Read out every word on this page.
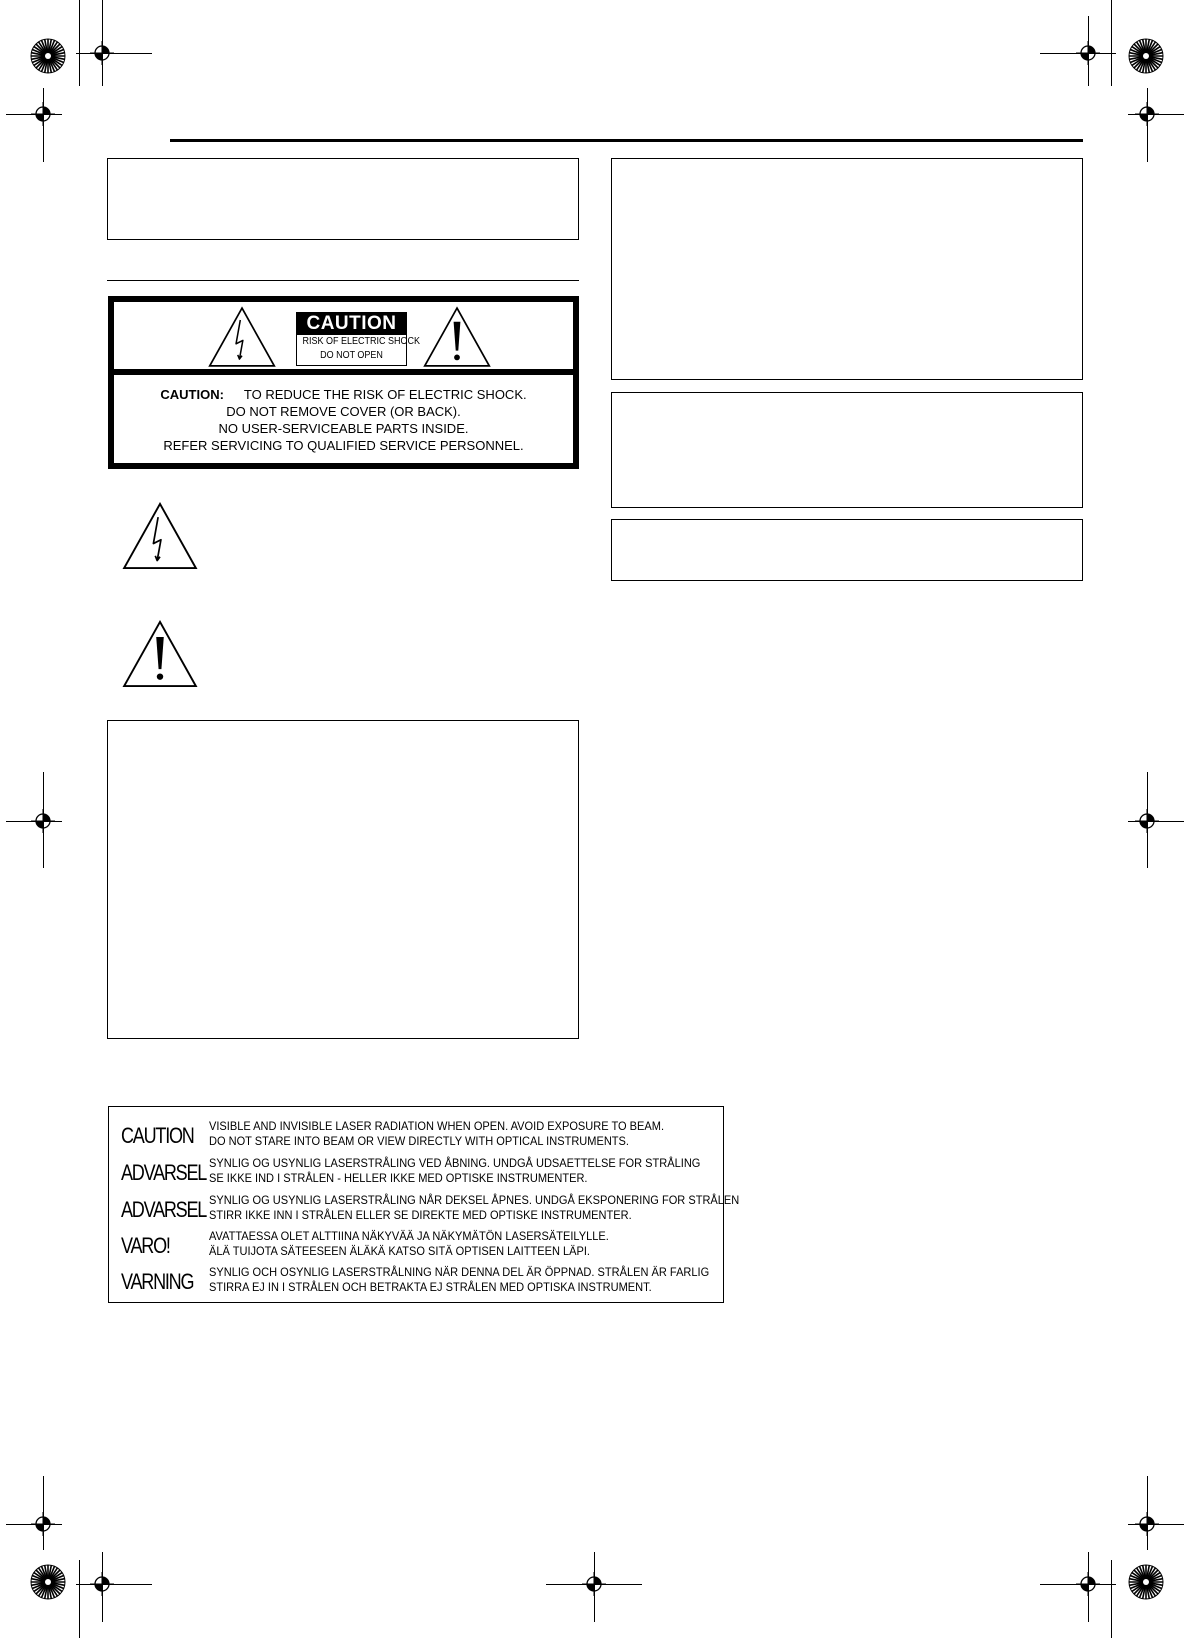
CAUTION
RISK OF ELECTRIC SHOCK
DO NOT OPEN
CAUTION: TO REDUCE THE RISK OF ELECTRIC SHOCK.
DO NOT REMOVE COVER (OR BACK).
NO USER-SERVICEABLE PARTS INSIDE.
REFER SERVICING TO QUALIFIED SERVICE PERSONNEL.
CAUTION VISIBLE AND INVISIBLE LASER RADIATION WHEN OPEN. AVOID EXPOSURE TO BEAM.
DO NOT STARE INTO BEAM OR VIEW DIRECTLY WITH OPTICAL INSTRUMENTS.
ADVARSEL SYNLIG OG USYNLIG LASERSTRÅLING VED ÅBNING. UNDGÅ UDSAETTELSE FOR STRÅLING
SE IKKE IND I STRÅLEN - HELLER IKKE MED OPTISKE INSTRUMENTER.
ADVARSEL SYNLIG OG USYNLIG LASERSTRÅLING NÅR DEKSEL ÅPNES. UNDGÅ EKSPONERING FOR STRÅLEN
STIRR IKKE INN I STRÅLEN ELLER SE DIREKTE MED OPTISKE INSTRUMENTER.
VARO!	AVATTAESSA OLET ALTTIINA NÄKYVÄÄ JA NÄKYMÄTÖN LASERSÄTEILYLLE.
ÄLÄ TUIJOTA SÄTEESEEN ÄLÄKÄ KATSO SITÄ OPTISEN LAITTEEN LÄPI.
VARNING SYNLIG OCH OSYNLIG LASERSTRÅLNING NÄR DENNA DEL ÄR ÖPPNAD. STRÅLEN ÄR FARLIG
STIRRA EJ IN I STRÅLEN OCH BETRAKTA EJ STRÅLEN MED OPTISKA INSTRUMENT.
